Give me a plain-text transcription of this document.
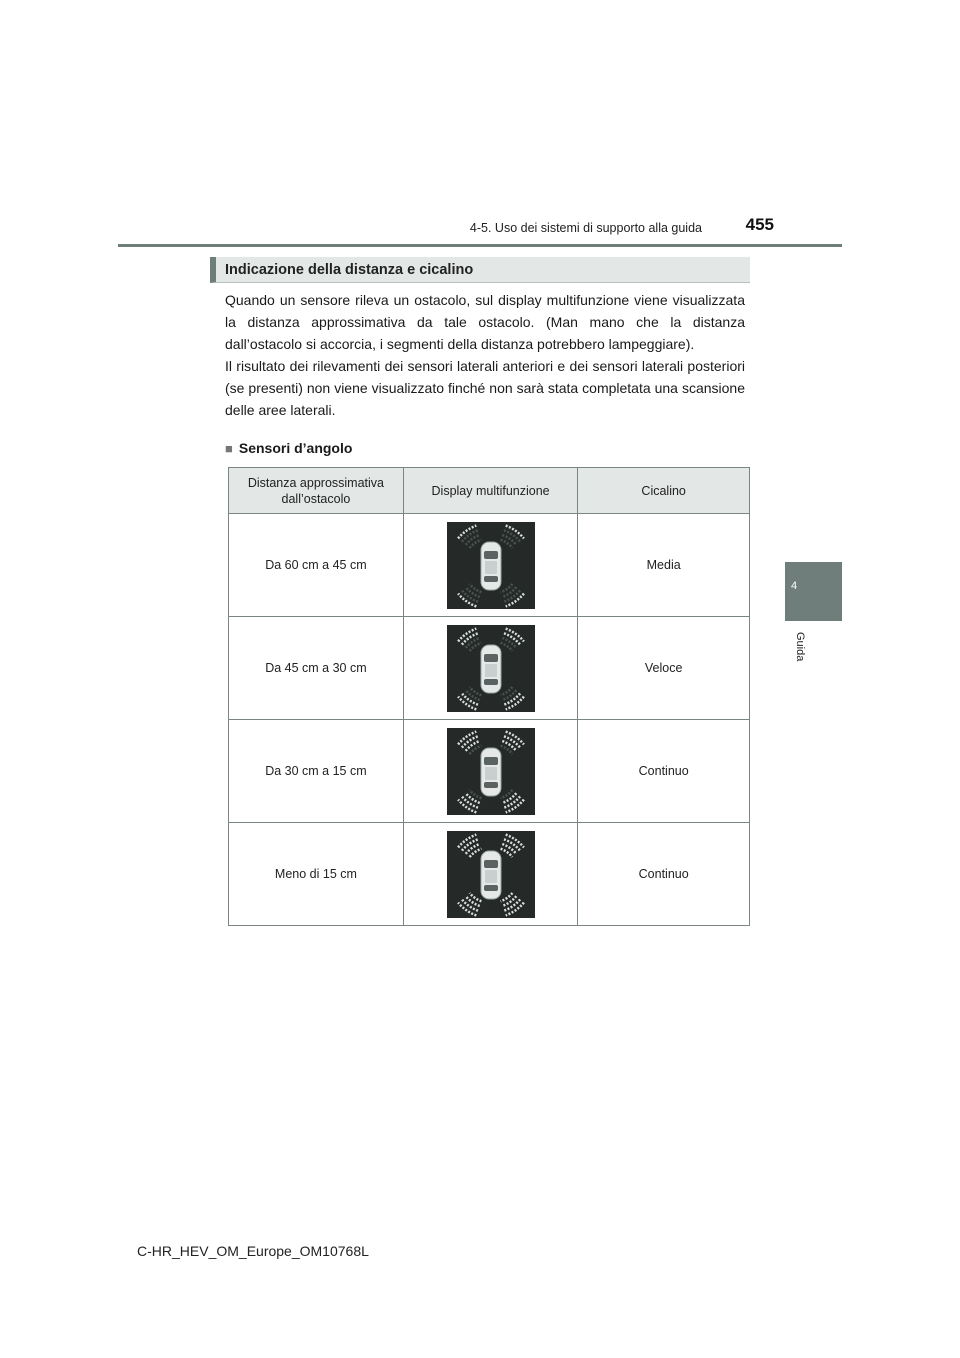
4-5. Uso dei sistemi di supporto alla guida	455
4
Guida
Indicazione della distanza e cicalino

Quando un sensore rileva un ostacolo, sul display multifunzione viene visualizzata la distanza approssimativa da tale ostacolo. (Man mano che la distanza dall’ostacolo si accorcia, i segmenti della distanza potrebbero lampeggiare).

Il risultato dei rilevamenti dei sensori laterali anteriori e dei sensori laterali posteriori (se presenti) non viene visualizzato finché non sarà stata completata una scansione delle aree laterali.

■ Sensori d’angolo
Distanza approssimativa dall’ostacolo	Display multifunzione	Cicalino
Da 60 cm a 45 cm		Media
Da 45 cm a 30 cm		Veloce
Da 30 cm a 15 cm		Continuo
Meno di 15 cm		Continuo
C-HR_HEV_OM_Europe_OM10768L
